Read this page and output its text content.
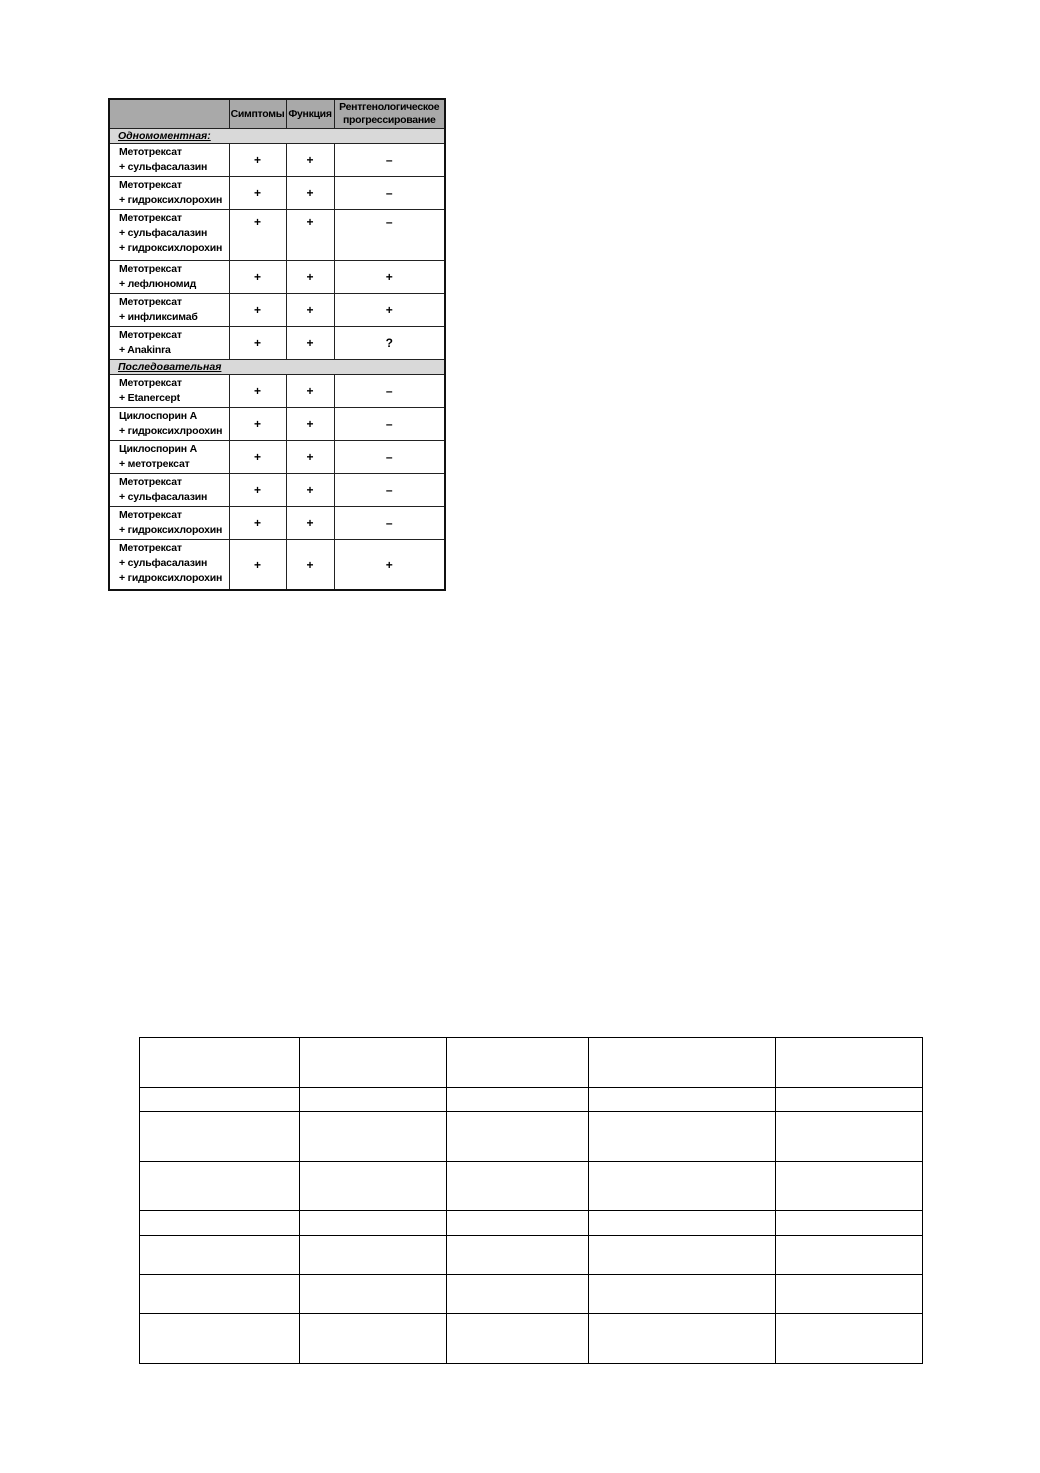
	Симптомы	Функция	Рентгенологическое прогрессирование
Одномоментная:			

Метотрексат
+ сульфасалазин	+	+	–

Метотрексат
+ гидроксихлорохин	+	+	–

Метотрексат
+ сульфасалазин
+ гидроксихлорохин	+	+	–

Метотрексат
+ лефлюномид	+	+	+

Метотрексат
+ инфликсимаб	+	+	+

Метотрексат
+ Anakinra	+	+	?
Последовательная			

Метотрексат
+ Etanercept	+	+	–

Циклоспорин А
+ гидроксихлроохин	+	+	–

Циклоспорин А
+ метотрексат	+	+	–

Метотрексат
+ сульфасалазин	+	+	–

Метотрексат
+ гидроксихлорохин	+	+	–

Метотрексат
+ сульфасалазин
+ гидроксихлорохин	+	+	+
